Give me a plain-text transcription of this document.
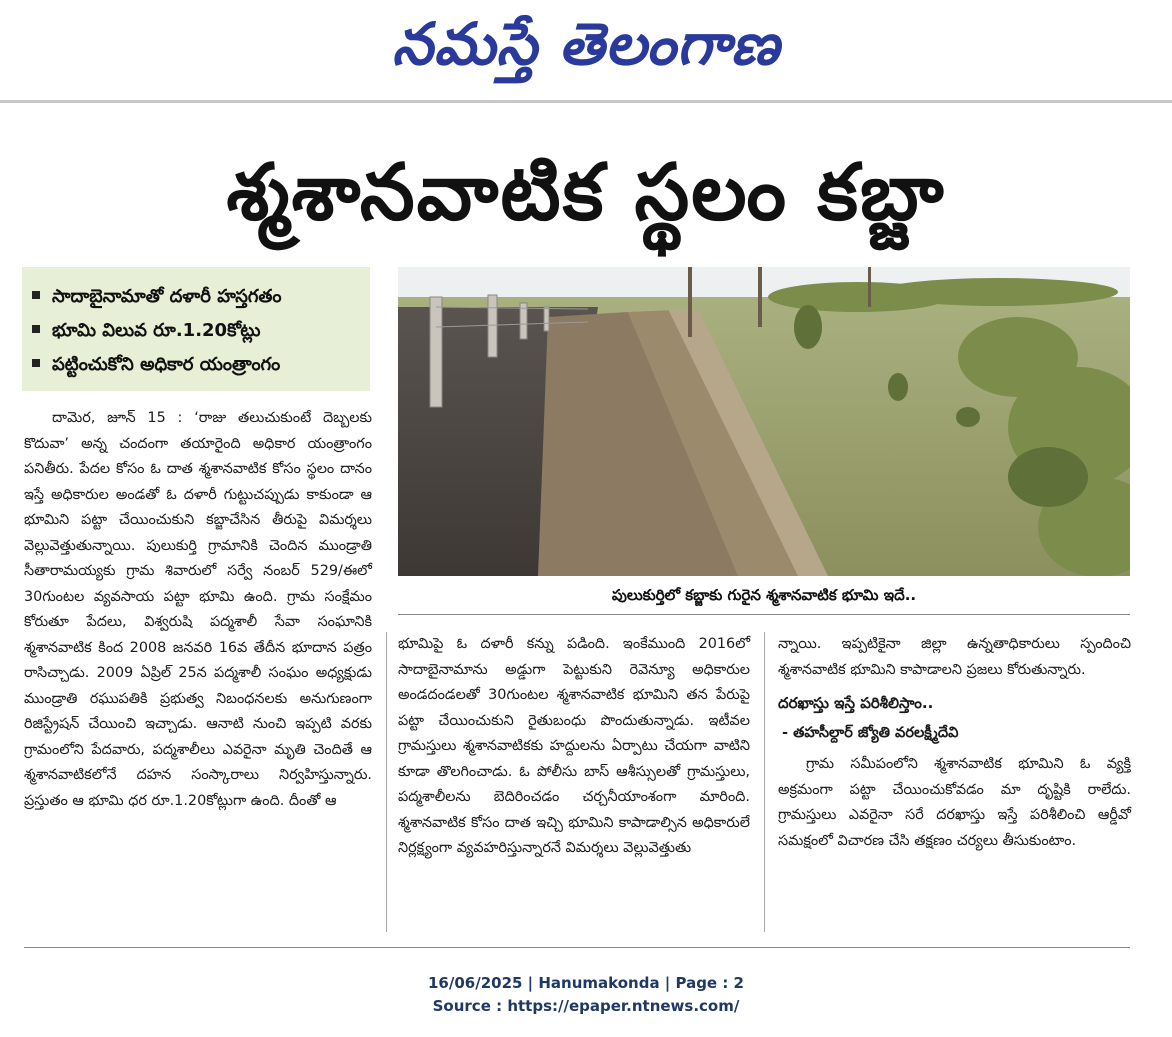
నమస్తే తెలంగాణ
శ్మశానవాటిక స్థలం కబ్జా
సాదాబైనామాతో దళారీ హస్తగతం
భూమి విలువ రూ.1.20కోట్లు
పట్టించుకోని అధికార యంత్రాంగం
పులుకుర్తిలో కబ్జాకు గురైన శ్మశానవాటిక భూమి ఇదే..

దామెర, జూన్ 15 : ‘రాజు తలుచుకుంటే దెబ్బలకు కొదువా’ అన్న చందంగా తయారైంది అధికార యంత్రాంగం పనితీరు. పేదల కోసం ఓ దాత శ్మశానవాటిక కోసం స్థలం దానం ఇస్తే అధికారుల అండతో ఓ దళారీ గుట్టుచప్పుడు కాకుండా ఆ భూమిని పట్టా చేయించుకుని కబ్జాచేసిన తీరుపై విమర్శలు వెల్లువెత్తుతున్నాయి. పులుకుర్తి గ్రామానికి చెందిన ముండ్రాతి సీతారామయ్యకు గ్రామ శివారులో సర్వే నంబర్ 529/ఈలో 30గుంటల వ్యవసాయ పట్టా భూమి ఉంది. గ్రామ సంక్షేమం కోరుతూ పేదలు, విశ్వరుషి పద్మశాలీ సేవా సంఘానికి శ్మశానవాటిక కింద 2008 జనవరి 16వ తేదీన భూదాన పత్రం రాసిచ్చాడు. 2009 ఏప్రిల్ 25న పద్మశాలీ సంఘం అధ్యక్షుడు ముండ్రాతి రఘుపతికి ప్రభుత్వ నిబంధనలకు అనుగుణంగా రిజిస్ట్రేషన్ చేయించి ఇచ్చాడు. ఆనాటి నుంచి ఇప్పటి వరకు గ్రామంలోని పేదవారు, పద్మశాలీలు ఎవరైనా మృతి చెందితే ఆ శ్మశానవాటికలోనే దహన సంస్కారాలు నిర్వహిస్తున్నారు. ప్రస్తుతం ఆ భూమి ధర రూ.1.20కోట్లుగా ఉంది. దీంతో ఆ

భూమిపై ఓ దళారీ కన్ను పడింది. ఇంకేముంది 2016లో సాదాబైనామాను అడ్డుగా పెట్టుకుని రెవెన్యూ అధికారుల అండదండలతో 30గుంటల శ్మశానవాటిక భూమిని తన పేరుపై పట్టా చేయించుకుని రైతుబంధు పొందుతున్నాడు. ఇటీవల గ్రామస్తులు శ్మశానవాటికకు హద్దులను ఏర్పాటు చేయగా వాటిని కూడా తొలగించాడు. ఓ పోలీసు బాస్ ఆశీస్సులతో గ్రామస్తులు, పద్మశాలీలను బెదిరించడం చర్చనీయాంశంగా మారింది. శ్మశానవాటిక కోసం దాత ఇచ్చి భూమిని కాపాడాల్సిన అధికారులే నిర్లక్ష్యంగా వ్యవహరిస్తున్నారనే విమర్శలు వెల్లువెత్తుతు

న్నాయి. ఇప్పటికైనా జిల్లా ఉన్నతాధికారులు స్పందించి శ్మశానవాటిక భూమిని కాపాడాలని ప్రజలు కోరుతున్నారు.

దరఖాస్తు ఇస్తే పరిశీలిస్తాం..
- తహసీల్దార్ జ్యోతి వరలక్ష్మీదేవి

గ్రామ సమీపంలోని శ్మశానవాటిక భూమిని ఓ వ్యక్తి అక్రమంగా పట్టా చేయించుకోవడం మా దృష్టికి రాలేదు. గ్రామస్తులు ఎవరైనా సరే దరఖాస్తు ఇస్తే పరిశీలించి ఆర్డీవో సమక్షంలో విచారణ చేసి తక్షణం చర్యలు తీసుకుంటాం.

16/06/2025 | Hanumakonda | Page : 2
Source : https://epaper.ntnews.com/
